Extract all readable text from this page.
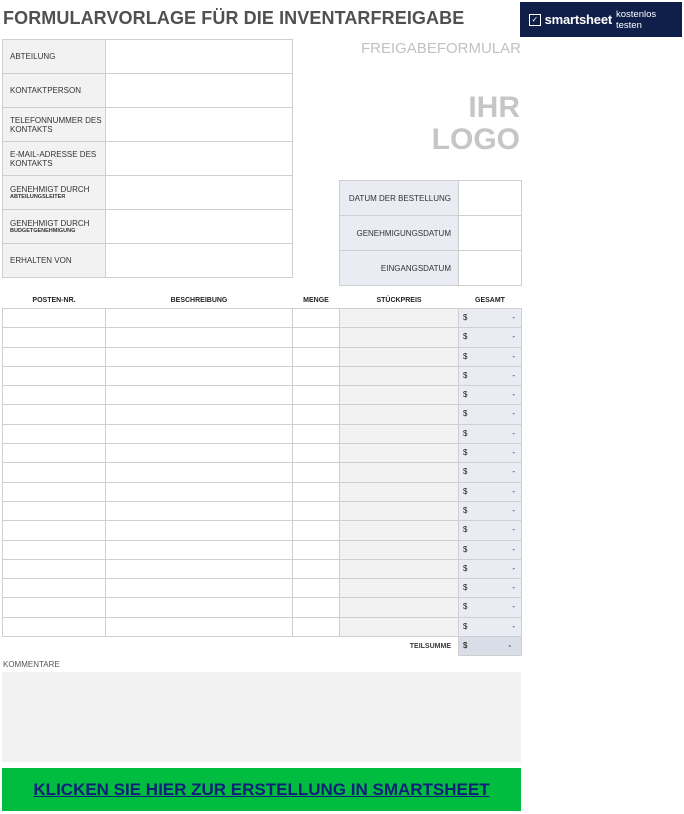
FORMULARVORLAGE FÜR DIE INVENTARFREIGABE	✓ smartsheet kostenlos testen
FREIGABEFORMULAR
IHR
LOGO
ABTEILUNG	
KONTAKTPERSON	
TELEFONNUMMER DES KONTAKTS	
E-MAIL-ADRESSE DES KONTAKTS	
GENEHMIGT DURCH
ABTEILUNGSLEITER	

GENEHMIGT DURCH
BUDGETGENEHMIGUNG	

ERHALTEN VON	
DATUM DER BESTELLUNG	
GENEHMIGUNGSDATUM	
EINGANGSDATUM	
POSTEN-NR.	BESCHREIBUNG	MENGE	STÜCKPREIS	GESAMT

				$ -

				$ -

				$ -

				$ -

				$ -

				$ -

				$ -

				$ -

				$ -

				$ -

				$ -

				$ -

				$ -

				$ -

				$ -

				$ -

				$ -

TEILSUMME				$ -
KOMMENTARE
KLICKEN SIE HIER ZUR ERSTELLUNG IN SMARTSHEET
